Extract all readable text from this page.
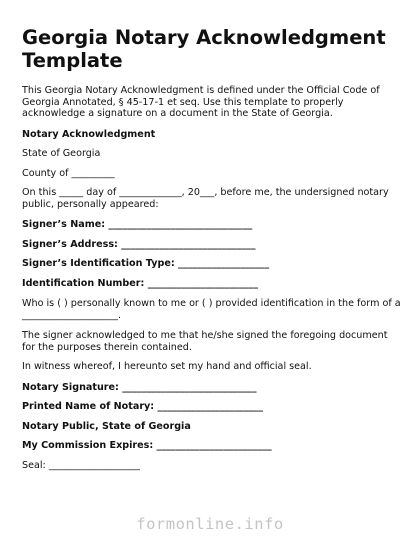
Georgia Notary Acknowledgment Template

This Georgia Notary Acknowledgment is defined under the Official Code of Georgia Annotated, § 45-17-1 et seq. Use this template to properly acknowledge a signature on a document in the State of Georgia.

Notary Acknowledgment

State of Georgia

County of _________

On this _____ day of _____________, 20___, before me, the undersigned notary public, personally appeared:

Signer’s Name: ______________________________

Signer’s Address: ____________________________

Signer’s Identification Type: ___________________

Identification Number: _______________________

Who is ( ) personally known to me or ( ) provided identification in the form of a ____________________.

The signer acknowledged to me that he/she signed the foregoing document for the purposes therein contained.

In witness whereof, I hereunto set my hand and official seal.

Notary Signature: ____________________________

Printed Name of Notary: ______________________

Notary Public, State of Georgia

My Commission Expires: ________________________

Seal: ___________________

formonline.info
